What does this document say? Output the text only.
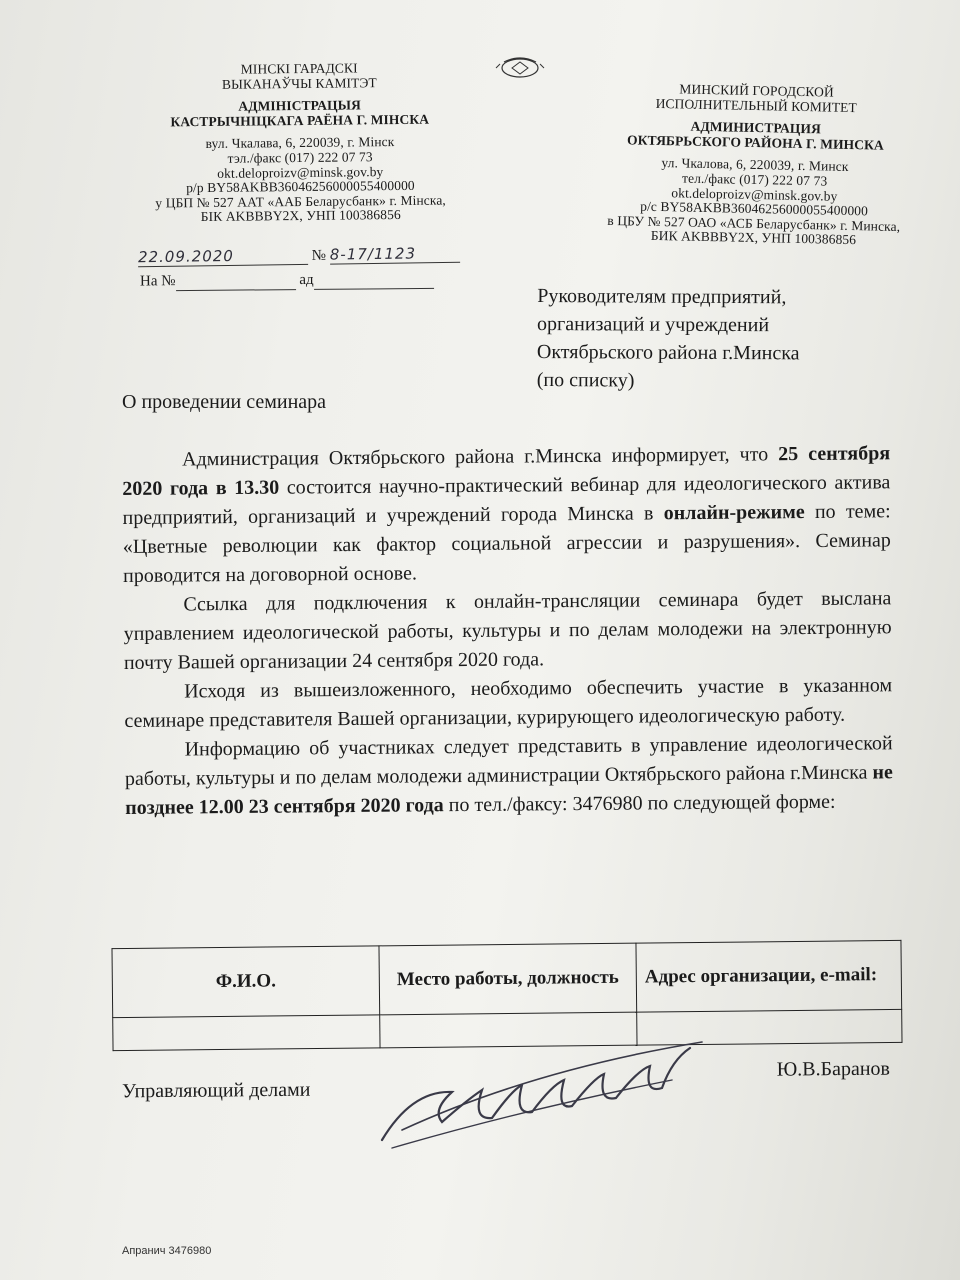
МІНСКІ ГАРАДСКІ
ВЫКАНАЎЧЫ КАМІТЭТ
АДМІНІСТРАЦЫЯ
КАСТРЫЧНІЦКАГА РАЁНА Г. МІНСКА
вул. Чкалава, 6, 220039, г. Мінск
тэл./факс (017) 222 07 73
okt.deloproizv@minsk.gov.by
р/р BY58AKBB36046256000055400000
у ЦБП № 527 ААТ «ААБ Беларусбанк» г. Мінска,
БІК AKBBBY2X, УНП 100386856
МИНСКИЙ ГОРОДСКОЙ
ИСПОЛНИТЕЛЬНЫЙ КОМИТЕТ
АДМИНИСТРАЦИЯ
ОКТЯБРЬСКОГО РАЙОНА Г. МИНСКА
ул. Чкалова, 6, 220039, г. Минск
тел./факс (017) 222 07 73
okt.deloproizv@minsk.gov.by
р/с BY58AKBB36046256000055400000
в ЦБУ № 527 ОАО «АСБ Беларусбанк» г. Минска,
БИК AKBBBY2X, УНП 100386856
22.09.2020	№ 8-17/1123
На №	ад
Руководителям предприятий,
организаций и учреждений
Октябрьского района г.Минска
(по списку)
О проведении семинара

Администрация Октябрьского района г.Минска информирует, что 25 сентября 2020 года в 13.30 состоится научно-практический вебинар для идеологического актива предприятий, организаций и учреждений города Минска в онлайн-режиме по теме: «Цветные революции как фактор социальной агрессии и разрушения». Семинар проводится на договорной основе.

Ссылка для подключения к онлайн-трансляции семинара будет выслана управлением идеологической работы, культуры и по делам молодежи на электронную почту Вашей организации 24 сентября 2020 года.

Исходя из вышеизложенного, необходимо обеспечить участие в указанном семинаре представителя Вашей организации, курирующего идеологическую работу.

Информацию об участниках следует представить в управление идеологической работы, культуры и по делам молодежи администрации Октябрьского района г.Минска не позднее 12.00 23 сентября 2020 года по тел./факсу: 3476980 по следующей форме:

Ф.И.О.	Место работы, должность	Адрес организации, e-mail:

Управляющий делами
Ю.В.Баранов
Апранич 3476980
